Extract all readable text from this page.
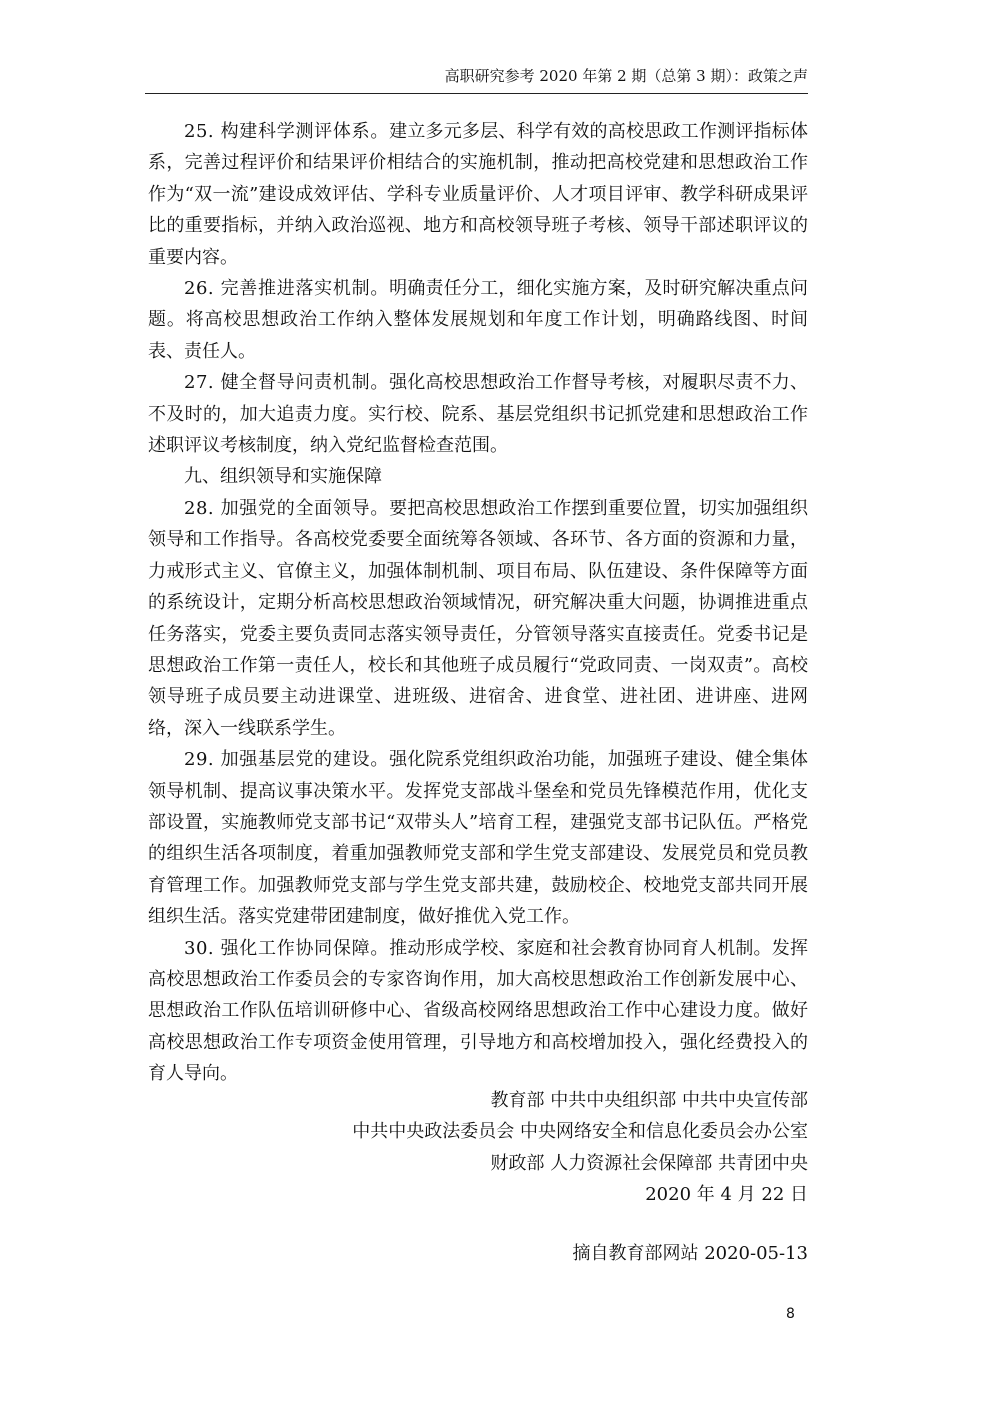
高职研究参考 2020 年第 2 期（总第 3 期）：政策之声

25. 构建科学测评体系。建立多元多层、科学有效的高校思政工作测评指标体系，完善过程评价和结果评价相结合的实施机制，推动把高校党建和思想政治工作作为“双一流”建设成效评估、学科专业质量评价、人才项目评审、教学科研成果评比的重要指标，并纳入政治巡视、地方和高校领导班子考核、领导干部述职评议的重要内容。

26. 完善推进落实机制。明确责任分工，细化实施方案，及时研究解决重点问题。将高校思想政治工作纳入整体发展规划和年度工作计划，明确路线图、时间表、责任人。

27. 健全督导问责机制。强化高校思想政治工作督导考核，对履职尽责不力、不及时的，加大追责力度。实行校、院系、基层党组织书记抓党建和思想政治工作述职评议考核制度，纳入党纪监督检查范围。

九、组织领导和实施保障

28. 加强党的全面领导。要把高校思想政治工作摆到重要位置，切实加强组织领导和工作指导。各高校党委要全面统筹各领域、各环节、各方面的资源和力量，力戒形式主义、官僚主义，加强体制机制、项目布局、队伍建设、条件保障等方面的系统设计，定期分析高校思想政治领域情况，研究解决重大问题，协调推进重点任务落实，党委主要负责同志落实领导责任，分管领导落实直接责任。党委书记是思想政治工作第一责任人，校长和其他班子成员履行“党政同责、一岗双责”。高校领导班子成员要主动进课堂、进班级、进宿舍、进食堂、进社团、进讲座、进网络，深入一线联系学生。

29. 加强基层党的建设。强化院系党组织政治功能，加强班子建设、健全集体领导机制、提高议事决策水平。发挥党支部战斗堡垒和党员先锋模范作用，优化支部设置，实施教师党支部书记“双带头人”培育工程，建强党支部书记队伍。严格党的组织生活各项制度，着重加强教师党支部和学生党支部建设、发展党员和党员教育管理工作。加强教师党支部与学生党支部共建，鼓励校企、校地党支部共同开展组织生活。落实党建带团建制度，做好推优入党工作。

30. 强化工作协同保障。推动形成学校、家庭和社会教育协同育人机制。发挥高校思想政治工作委员会的专家咨询作用，加大高校思想政治工作创新发展中心、思想政治工作队伍培训研修中心、省级高校网络思想政治工作中心建设力度。做好高校思想政治工作专项资金使用管理，引导地方和高校增加投入，强化经费投入的育人导向。

教育部 中共中央组织部 中共中央宣传部
中共中央政法委员会 中央网络安全和信息化委员会办公室
财政部 人力资源社会保障部 共青团中央
2020 年 4 月 22 日
摘自教育部网站 2020-05-13
8
